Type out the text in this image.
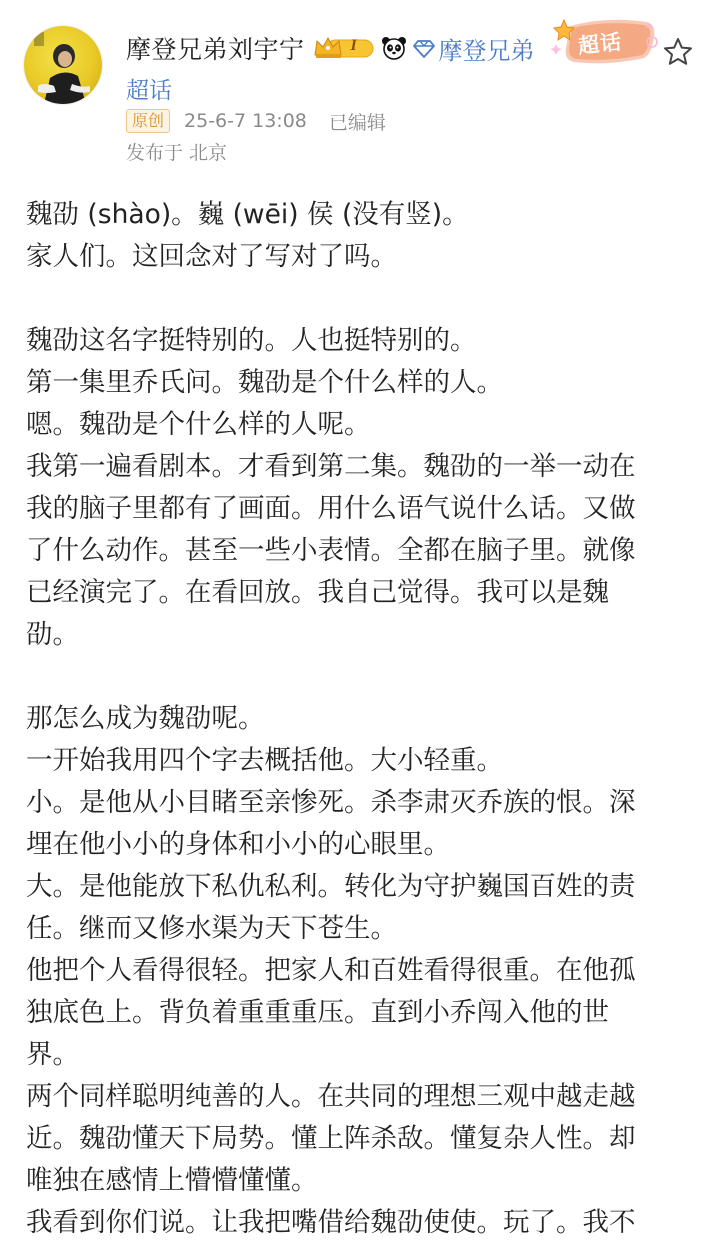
摩登兄弟刘宇宁	I	摩登兄弟 超话
超话
原创	25-6-7 13:08 已编辑
发布于 北京

魏劭 (shào)。巍 (wēi) 侯 (没有竖)。

家人们。这回念对了写对了吗。

魏劭这名字挺特别的。人也挺特别的。

第一集里乔氏问。魏劭是个什么样的人。

嗯。魏劭是个什么样的人呢。

我第一遍看剧本。才看到第二集。魏劭的一举一动在

我的脑子里都有了画面。用什么语气说什么话。又做

了什么动作。甚至一些小表情。全都在脑子里。就像

已经演完了。在看回放。我自己觉得。我可以是魏

劭。

那怎么成为魏劭呢。

一开始我用四个字去概括他。大小轻重。

小。是他从小目睹至亲惨死。杀李肃灭乔族的恨。深

埋在他小小的身体和小小的心眼里。

大。是他能放下私仇私利。转化为守护巍国百姓的责

任。继而又修水渠为天下苍生。

他把个人看得很轻。把家人和百姓看得很重。在他孤

独底色上。背负着重重重压。直到小乔闯入他的世

界。

两个同样聪明纯善的人。在共同的理想三观中越走越

近。魏劭懂天下局势。懂上阵杀敌。懂复杂人性。却

唯独在感情上懵懵懂懂。

我看到你们说。让我把嘴借给魏劭使使。玩了。我不
